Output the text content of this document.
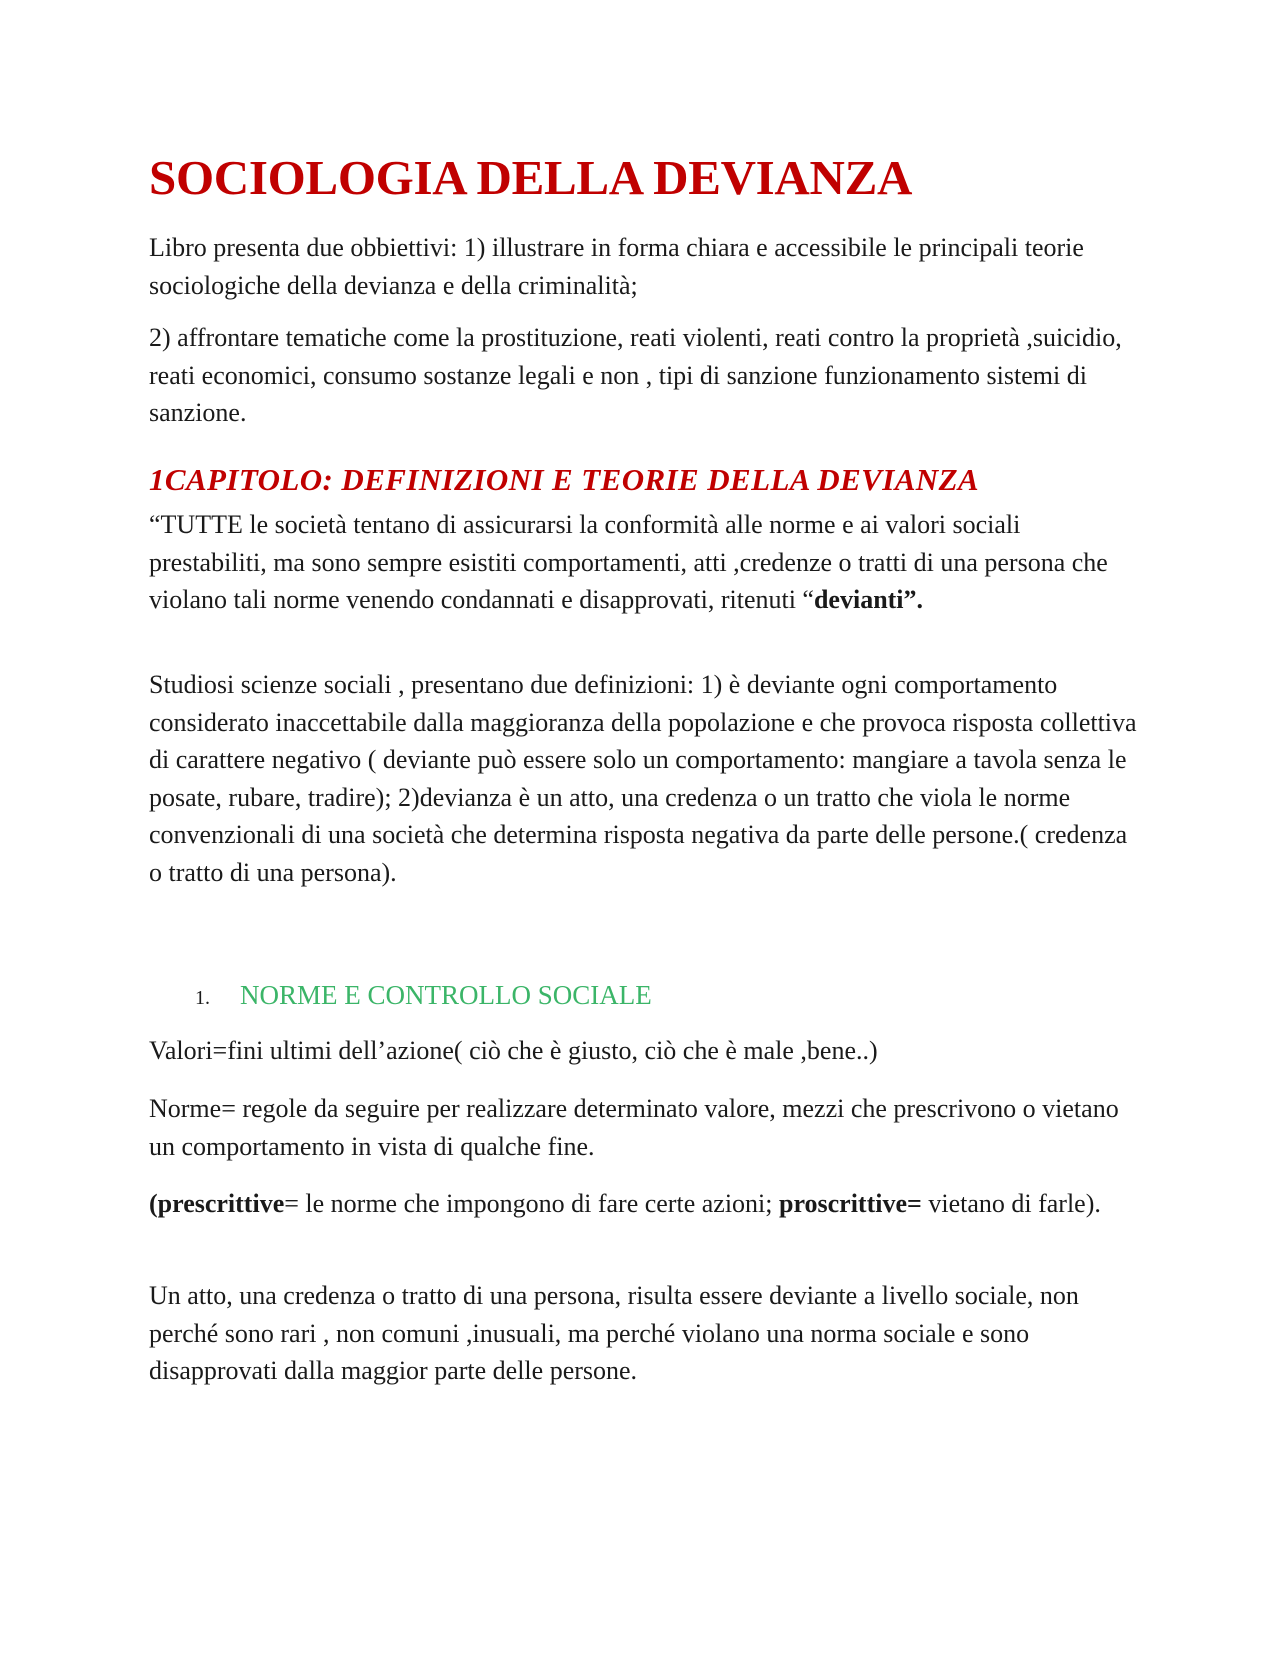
SOCIOLOGIA DELLA DEVIANZA

Libro presenta due obbiettivi: 1) illustrare in forma chiara e accessibile le principali teorie sociologiche della devianza e della criminalità;

2) affrontare tematiche come la prostituzione, reati violenti, reati contro la proprietà ,suicidio, reati economici, consumo sostanze legali e non , tipi di sanzione funzionamento sistemi di sanzione.

1CAPITOLO: DEFINIZIONI E TEORIE DELLA DEVIANZA

“TUTTE le società tentano di assicurarsi la conformità alle norme e ai valori sociali prestabiliti, ma sono sempre esistiti comportamenti, atti ,credenze o tratti di una persona che violano tali norme venendo condannati e disapprovati, ritenuti “devianti”.

Studiosi scienze sociali , presentano due definizioni: 1) è deviante ogni comportamento considerato inaccettabile dalla maggioranza della popolazione e che provoca risposta collettiva di carattere negativo ( deviante può essere solo un comportamento: mangiare a tavola senza le posate, rubare, tradire); 2)devianza è un atto, una credenza o un tratto che viola le norme convenzionali di una società che determina risposta negativa da parte delle persone.( credenza o tratto di una persona).

1. NORME E CONTROLLO SOCIALE

Valori=fini ultimi dell’azione( ciò che è giusto, ciò che è male ,bene..)

Norme= regole da seguire per realizzare determinato valore, mezzi che prescrivono o vietano un comportamento in vista di qualche fine.

(prescrittive= le norme che impongono di fare certe azioni; proscrittive= vietano di farle).

Un atto, una credenza o tratto di una persona, risulta essere deviante a livello sociale, non perché sono rari , non comuni ,inusuali, ma perché violano una norma sociale e sono disapprovati dalla maggior parte delle persone.
